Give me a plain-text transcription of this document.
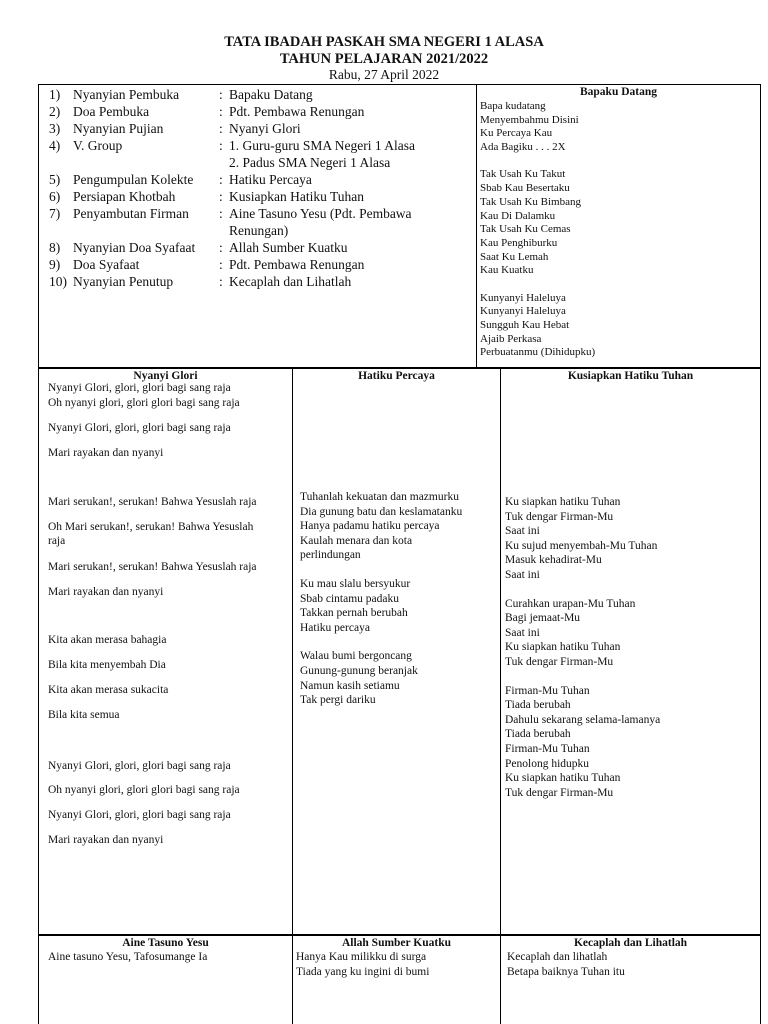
TATA IBADAH PASKAH SMA NEGERI 1 ALASA
TAHUN PELAJARAN 2021/2022
Rabu, 27 April 2022
1) Nyanyian Pembuka	: Bapaku Datang
2) Doa Pembuka	: Pdt. Pembawa Renungan
3) Nyanyian Pujian	: Nyanyi Glori
4) V. Group	: 1. Guru-guru SMA Negeri 1 Alasa
2. Padus SMA Negeri 1 Alasa
5) Pengumpulan Kolekte	: Hatiku Percaya
6) Persiapan Khotbah	: Kusiapkan Hatiku Tuhan
7) Penyambutan Firman	: Aine Tasuno Yesu (Pdt. Pembawa
Renungan)
8) Nyanyian Doa Syafaat	: Allah Sumber Kuatku
9) Doa Syafaat	: Pdt. Pembawa Renungan
10) Nyanyian Penutup	: Kecaplah dan Lihatlah
Bapaku Datang
Bapa kudatang
Menyembahmu Disini
Ku Percaya Kau
Ada Bagiku . . . 2X
Tak Usah Ku Takut
Sbab Kau Besertaku
Tak Usah Ku Bimbang
Kau Di Dalamku
Tak Usah Ku Cemas
Kau Penghiburku
Saat Ku Lemah
Kau Kuatku
Kunyanyi Haleluya
Kunyanyi Haleluya
Sungguh Kau Hebat
Ajaib Perkasa
Perbuatanmu (Dihidupku)
Nyanyi Glori
Nyanyi Glori, glori, glori bagi sang raja
Oh nyanyi glori, glori glori bagi sang raja
Nyanyi Glori, glori, glori bagi sang raja
Mari rayakan dan nyanyi
Mari serukan!, serukan! Bahwa Yesuslah raja
Oh Mari serukan!, serukan! Bahwa Yesuslah
raja
Mari serukan!, serukan! Bahwa Yesuslah raja
Mari rayakan dan nyanyi
Kita akan merasa bahagia
Bila kita menyembah Dia
Kita akan merasa sukacita
Bila kita semua
Nyanyi Glori, glori, glori bagi sang raja
Oh nyanyi glori, glori glori bagi sang raja
Nyanyi Glori, glori, glori bagi sang raja
Mari rayakan dan nyanyi
Hatiku Percaya
Tuhanlah kekuatan dan mazmurku
Dia gunung batu dan keslamatanku
Hanya padamu hatiku percaya
Kaulah menara dan kota
perlindungan
Ku mau slalu bersyukur
Sbab cintamu padaku
Takkan pernah berubah
Hatiku percaya
Walau bumi bergoncang
Gunung-gunung beranjak
Namun kasih setiamu
Tak pergi dariku
Kusiapkan Hatiku Tuhan
Ku siapkan hatiku Tuhan
Tuk dengar Firman-Mu
Saat ini
Ku sujud menyembah-Mu Tuhan
Masuk kehadirat-Mu
Saat ini
Curahkan urapan-Mu Tuhan
Bagi jemaat-Mu
Saat ini
Ku siapkan hatiku Tuhan
Tuk dengar Firman-Mu
Firman-Mu Tuhan
Tiada berubah
Dahulu sekarang selama-lamanya
Tiada berubah
Firman-Mu Tuhan
Penolong hidupku
Ku siapkan hatiku Tuhan
Tuk dengar Firman-Mu
Aine Tasuno Yesu
Aine tasuno Yesu, Tafosumange Ia
Allah Sumber Kuatku
Hanya Kau milikku di surga
Tiada yang ku ingini di bumi
Kecaplah dan Lihatlah
Kecaplah dan lihatlah
Betapa baiknya Tuhan itu
